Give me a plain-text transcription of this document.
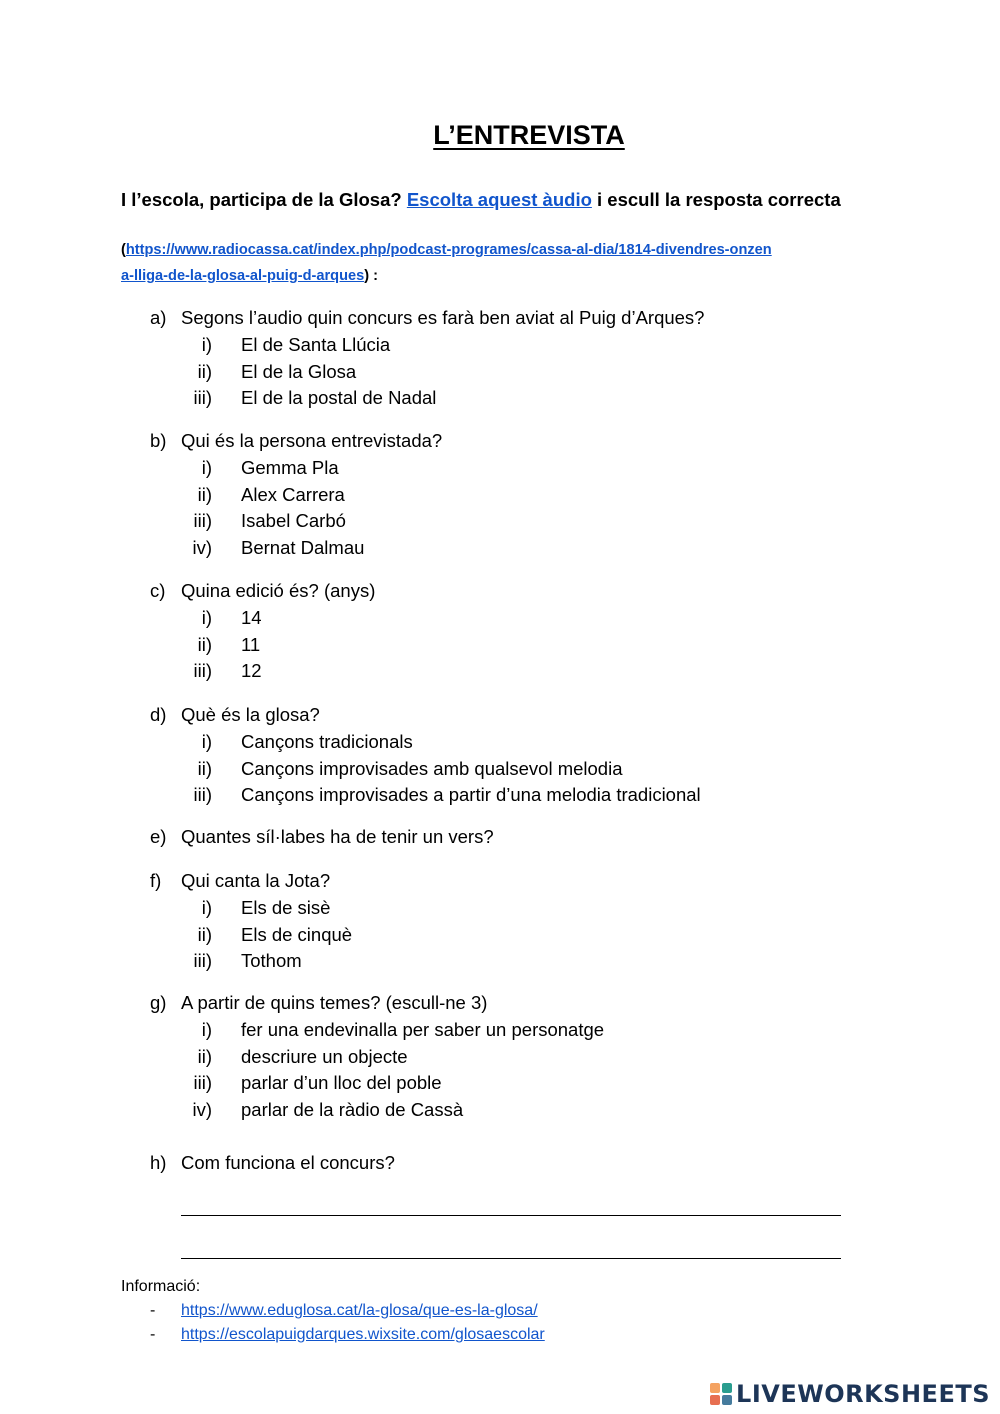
L’ENTREVISTA
I l’escola, participa de la Glosa? Escolta aquest àudio i escull la resposta correcta
(https://www.radiocassa.cat/index.php/podcast-programes/cassa-al-dia/1814-divendres-onzen
a-lliga-de-la-glosa-al-puig-d-arques) :
a) Segons l’audio quin concurs es farà ben aviat al Puig d’Arques?
i) El de Santa Llúcia
ii) El de la Glosa
iii) El de la postal de Nadal
b) Qui és la persona entrevistada?
i) Gemma Pla
ii) Alex Carrera
iii) Isabel Carbó
iv) Bernat Dalmau
c) Quina edició és? (anys)
i) 14
ii) 11
iii) 12
d) Què és la glosa?
i) Cançons tradicionals
ii) Cançons improvisades amb qualsevol melodia
iii) Cançons improvisades a partir d’una melodia tradicional
e) Quantes síl·labes ha de tenir un vers?
f) Qui canta la Jota?
i) Els de sisè
ii) Els de cinquè
iii) Tothom
g) A partir de quins temes? (escull-ne 3)
i) fer una endevinalla per saber un personatge
ii) descriure un objecte
iii) parlar d’un lloc del poble
iv) parlar de la ràdio de Cassà
h) Com funciona el concurs?
Informació:
- https://www.eduglosa.cat/la-glosa/que-es-la-glosa/
- https://escolapuigdarques.wixsite.com/glosaescolar
LIVEWORKSHEETS
